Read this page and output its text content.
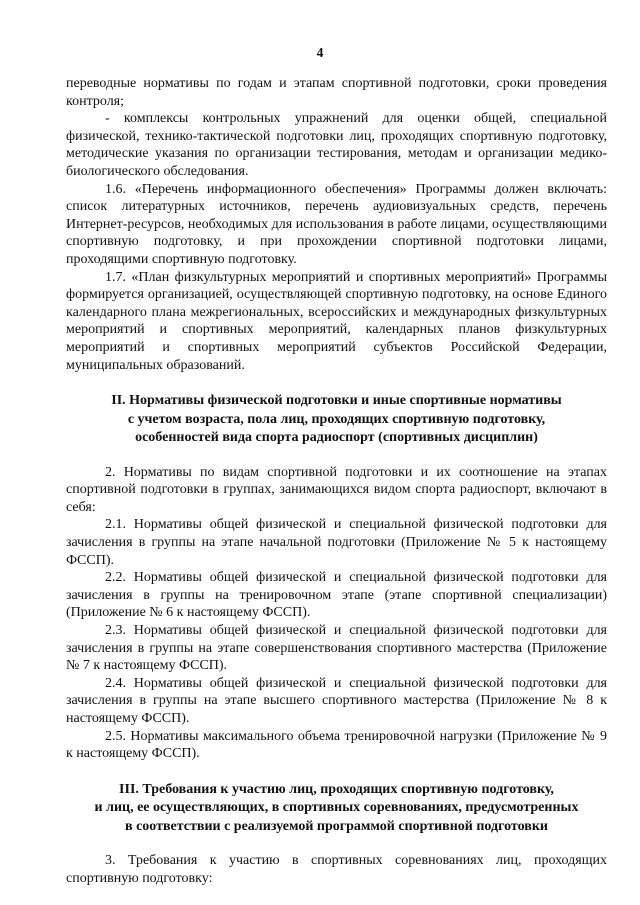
4

переводные нормативы по годам и этапам спортивной подготовки, сроки проведения контроля;

- комплексы контрольных упражнений для оценки общей, специальной физической, технико-тактической подготовки лиц, проходящих спортивную подготовку, методические указания по организации тестирования, методам и организации медико-биологического обследования.

1.6. «Перечень информационного обеспечения» Программы должен включать: список литературных источников, перечень аудиовизуальных средств, перечень Интернет-ресурсов, необходимых для использования в работе лицами, осуществляющими спортивную подготовку, и при прохождении спортивной подготовки лицами, проходящими спортивную подготовку.

1.7. «План физкультурных мероприятий и спортивных мероприятий» Программы формируется организацией, осуществляющей спортивную подготовку, на основе Единого календарного плана межрегиональных, всероссийских и международных физкультурных мероприятий и спортивных мероприятий, календарных планов физкультурных мероприятий и спортивных мероприятий субъектов Российской Федерации, муниципальных образований.

II. Нормативы физической подготовки и иные спортивные нормативы

с учетом возраста, пола лиц, проходящих спортивную подготовку,

особенностей вида спорта радиоспорт (спортивных дисциплин)

2. Нормативы по видам спортивной подготовки и их соотношение на этапах спортивной подготовки в группах, занимающихся видом спорта радиоспорт, включают в себя:

2.1. Нормативы общей физической и специальной физической подготовки для зачисления в группы на этапе начальной подготовки (Приложение № 5 к настоящему ФССП).

2.2. Нормативы общей физической и специальной физической подготовки для зачисления в группы на тренировочном этапе (этапе спортивной специализации) (Приложение № 6 к настоящему ФССП).

2.3. Нормативы общей физической и специальной физической подготовки для зачисления в группы на этапе совершенствования спортивного мастерства (Приложение № 7 к настоящему ФССП).

2.4. Нормативы общей физической и специальной физической подготовки для зачисления в группы на этапе высшего спортивного мастерства (Приложение № 8 к настоящему ФССП).

2.5. Нормативы максимального объема тренировочной нагрузки (Приложение № 9 к настоящему ФССП).

III. Требования к участию лиц, проходящих спортивную подготовку,

и лиц, ее осуществляющих, в спортивных соревнованиях, предусмотренных

в соответствии с реализуемой программой спортивной подготовки

3. Требования к участию в спортивных соревнованиях лиц, проходящих спортивную подготовку:
